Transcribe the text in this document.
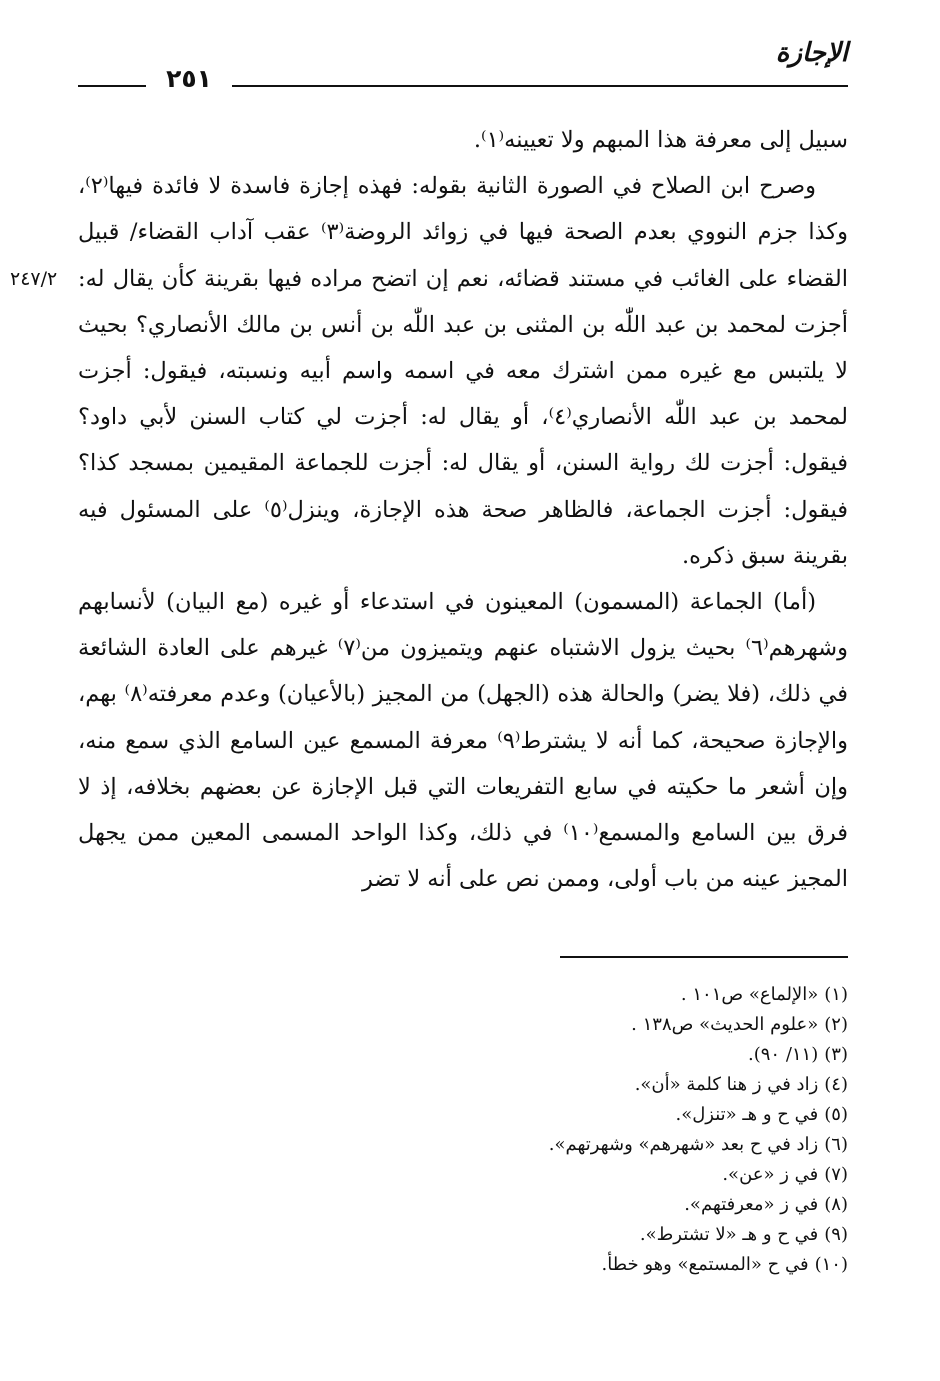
الإجازة
٢٥١
٢٤٧/٢

سبيل إلى معرفة هذا المبهم ولا تعيينه⁽١⁾.

وصرح ابن الصلاح في الصورة الثانية بقوله: فهذه إجازة فاسدة لا فائدة فيها⁽٢⁾، وكذا جزم النووي بعدم الصحة فيها في زوائد الروضة⁽٣⁾ عقب آداب القضاء/ قبيل القضاء على الغائب في مستند قضائه، نعم إن اتضح مراده فيها بقرينة كأن يقال له: أجزت لمحمد بن عبد اللّٰه بن المثنى بن عبد اللّٰه بن أنس بن مالك الأنصاري؟ بحيث لا يلتبس مع غيره ممن اشترك معه في اسمه واسم أبيه ونسبته، فيقول: أجزت لمحمد بن عبد اللّٰه الأنصاري⁽٤⁾، أو يقال له: أجزت لي كتاب السنن لأبي داود؟ فيقول: أجزت لك رواية السنن، أو يقال له: أجزت للجماعة المقيمين بمسجد كذا؟ فيقول: أجزت الجماعة، فالظاهر صحة هذه الإجازة، وينزل⁽٥⁾ على المسئول فيه بقرينة سبق ذكره.

(أما) الجماعة (المسمون) المعينون في استدعاء أو غيره (مع البيان) لأنسابهم وشهرهم⁽٦⁾ بحيث يزول الاشتباه عنهم ويتميزون من⁽٧⁾ غيرهم على العادة الشائعة في ذلك، (فلا يضر) والحالة هذه (الجهل) من المجيز (بالأعيان) وعدم معرفته⁽٨⁾ بهم، والإجازة صحيحة، كما أنه لا يشترط⁽٩⁾ معرفة المسمع عين السامع الذي سمع منه، وإن أشعر ما حكيته في سابع التفريعات التي قبل الإجازة عن بعضهم بخلافه، إذ لا فرق بين السامع والمسمع⁽١٠⁾ في ذلك، وكذا الواحد المسمى المعين ممن يجهل المجيز عينه من باب أولى، وممن نص على أنه لا تضر

(١)«الإلماع» ص١٠١ .
(٢)«علوم الحديث» ص١٣٨ .
(٣)(١١/ ٩٠).
(٤)زاد في ز هنا كلمة «أن».
(٥)في ح و هـ «تنزل».
(٦)زاد في ح بعد «شهرهم» وشهرتهم».
(٧)في ز «عن».
(٨)في ز «معرفتهم».
(٩)في ح و هـ «لا تشترط».
(١٠)في ح «المستمع» وهو خطأ.
